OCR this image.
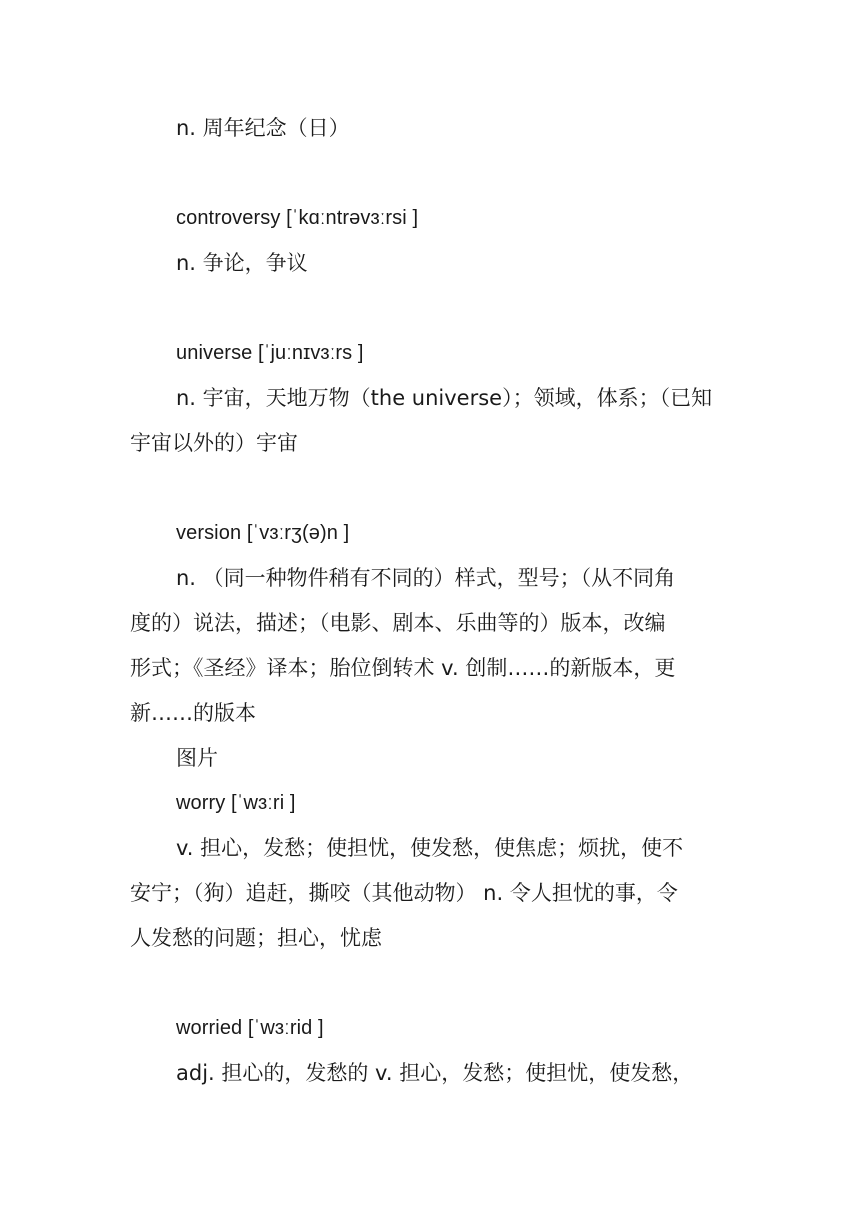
n. 周年纪念（日）
controversy [ˈkɑːntrəvɜːrsi ]
n. 争论，争议
universe [ˈjuːnɪvɜːrs ]
n. 宇宙，天地万物（the universe）；领域，体系；（已知
宇宙以外的）宇宙
version [ˈvɜːrʒ(ə)n ]
n. （同一种物件稍有不同的）样式，型号；（从不同角
度的）说法，描述；（电影、剧本、乐曲等的）版本，改编
形式；《圣经》译本；胎位倒转术 v. 创制……的新版本，更
新……的版本
图片
worry [ˈwɜːri ]
v. 担心，发愁；使担忧，使发愁，使焦虑；烦扰，使不
安宁；（狗）追赶，撕咬（其他动物） n. 令人担忧的事，令
人发愁的问题；担心，忧虑
worried [ˈwɜːrid ]
adj. 担心的，发愁的 v. 担心，发愁；使担忧，使发愁，
